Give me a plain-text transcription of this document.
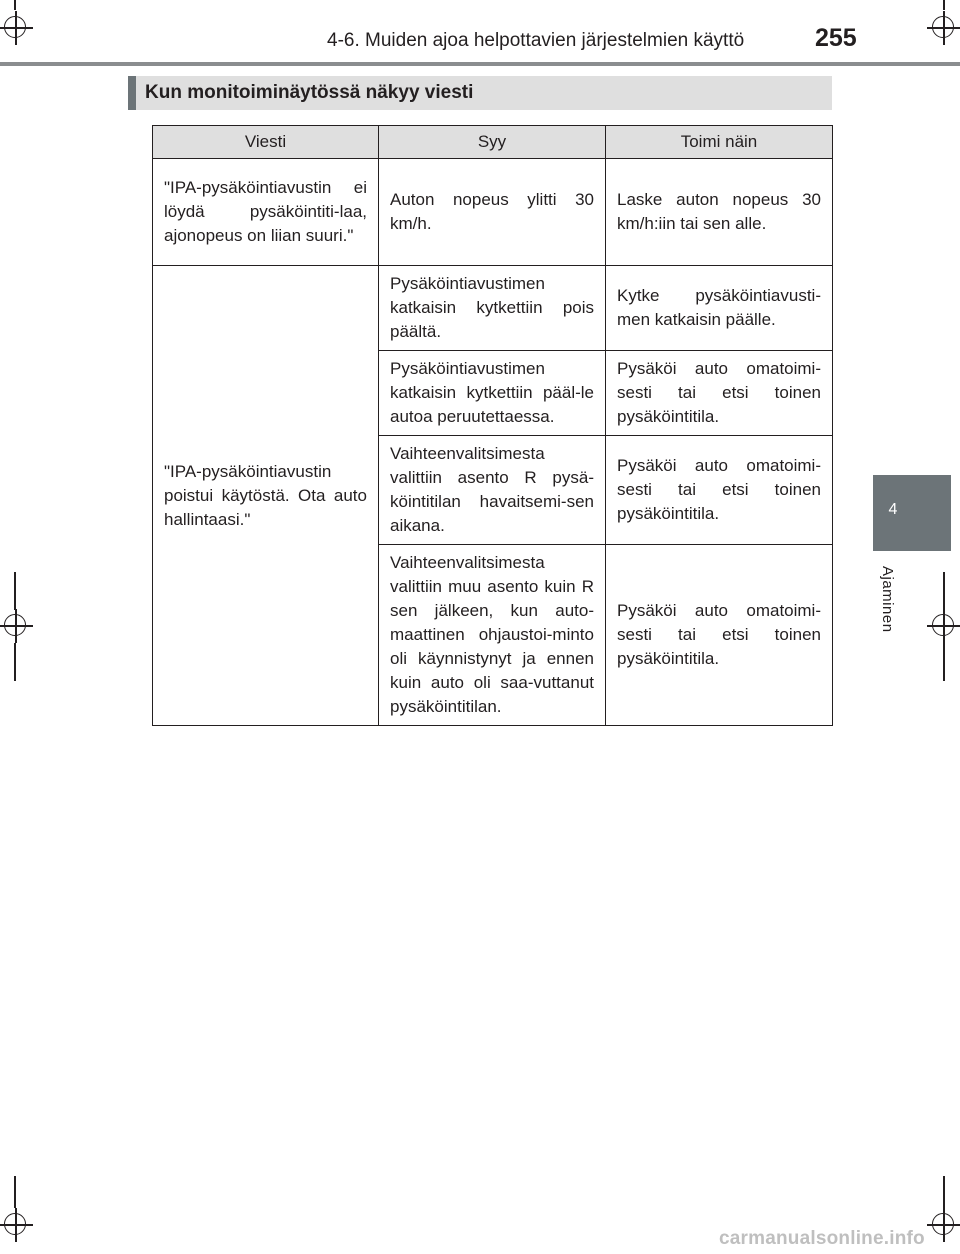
4-6. Muiden ajoa helpottavien järjestelmien käyttö	255
4
Ajaminen
Kun monitoiminäytössä näkyy viesti
Viesti	Syy	Toimi näin
"IPA-pysäköintiavustin ei löydä pysäköintiti-laa, ajonopeus on liian suuri."	Auton nopeus ylitti 30 km/h.	Laske auton nopeus 30 km/h:iin tai sen alle.
"IPA-pysäköintiavustin poistui käytöstä. Ota auto hallintaasi."	Pysäköintiavustimen katkaisin kytkettiin pois päältä.	Kytke pysäköintiavusti-men katkaisin päälle.
	Pysäköintiavustimen katkaisin kytkettiin pääl-le autoa peruutettaessa.	Pysäköi auto omatoimi-sesti tai etsi toinen pysäköintitila.
	Vaihteenvalitsimesta valittiin asento R pysä-köintitilan havaitsemi-sen aikana.	Pysäköi auto omatoimi-sesti tai etsi toinen pysäköintitila.
	Vaihteenvalitsimesta valittiin muu asento kuin R sen jälkeen, kun auto-maattinen ohjaustoi-minto oli käynnistynyt ja ennen kuin auto oli saa-vuttanut pysäköintitilan.	Pysäköi auto omatoimi-sesti tai etsi toinen pysäköintitila.
carmanualsonline.info
